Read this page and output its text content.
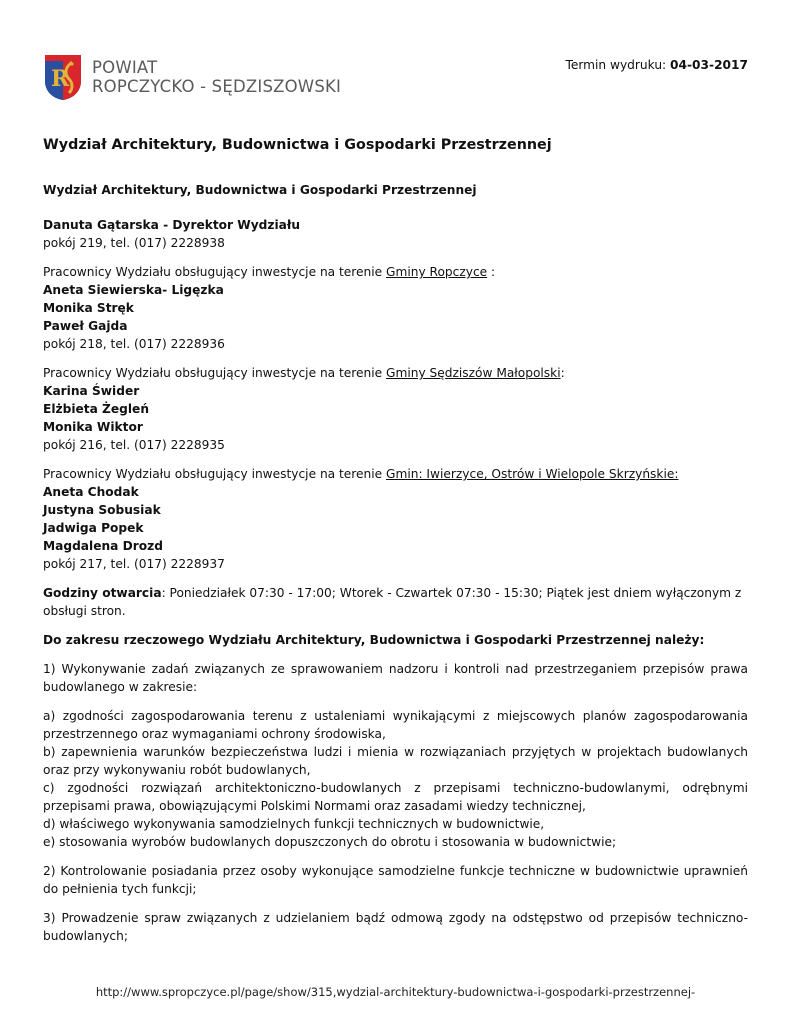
R POWIAT
ROPCZYCKO - SĘDZISZOWSKI
Termin wydruku: 04-03-2017
Wydział Architektury, Budownictwa i Gospodarki Przestrzennej

Wydział Architektury, Budownictwa i Gospodarki Przestrzennej

Danuta Gątarska - Dyrektor Wydziału
pokój 219, tel. (017) 2228938
Pracownicy Wydziału obsługujący inwestycje na terenie Gminy Ropczyce :
Aneta Siewierska- Ligęzka
Monika Stręk
Paweł Gajda
pokój 218, tel. (017) 2228936
Pracownicy Wydziału obsługujący inwestycje na terenie Gminy Sędziszów Małopolski:
Karina Świder
Elżbieta Żegleń
Monika Wiktor
pokój 216, tel. (017) 2228935
Pracownicy Wydziału obsługujący inwestycje na terenie Gmin: Iwierzyce, Ostrów i Wielopole Skrzyńskie:
Aneta Chodak
Justyna Sobusiak
Jadwiga Popek
Magdalena Drozd
pokój 217, tel. (017) 2228937

Godziny otwarcia: Poniedziałek 07:30 - 17:00; Wtorek - Czwartek 07:30 - 15:30; Piątek jest dniem wyłączonym z obsługi stron.

Do zakresu rzeczowego Wydziału Architektury, Budownictwa i Gospodarki Przestrzennej należy:

1) Wykonywanie zadań związanych ze sprawowaniem nadzoru i kontroli nad przestrzeganiem przepisów prawa budowlanego w zakresie:

a) zgodności zagospodarowania terenu z ustaleniami wynikającymi z miejscowych planów zagospodarowania przestrzennego oraz wymaganiami ochrony środowiska,
b) zapewnienia warunków bezpieczeństwa ludzi i mienia w rozwiązaniach przyjętych w projektach budowlanych oraz przy wykonywaniu robót budowlanych,
c) zgodności rozwiązań architektoniczno-budowlanych z przepisami techniczno-budowlanymi, odrębnymi przepisami prawa, obowiązującymi Polskimi Normami oraz zasadami wiedzy technicznej,
d) właściwego wykonywania samodzielnych funkcji technicznych w budownictwie,
e) stosowania wyrobów budowlanych dopuszczonych do obrotu i stosowania w budownictwie;

2) Kontrolowanie posiadania przez osoby wykonujące samodzielne funkcje techniczne w budownictwie uprawnień do pełnienia tych funkcji;

3) Prowadzenie spraw związanych z udzielaniem bądź odmową zgody na odstępstwo od przepisów techniczno-budowlanych;

http://www.spropczyce.pl/page/show/315,wydzial-architektury-budownictwa-i-gospodarki-przestrzennej-
